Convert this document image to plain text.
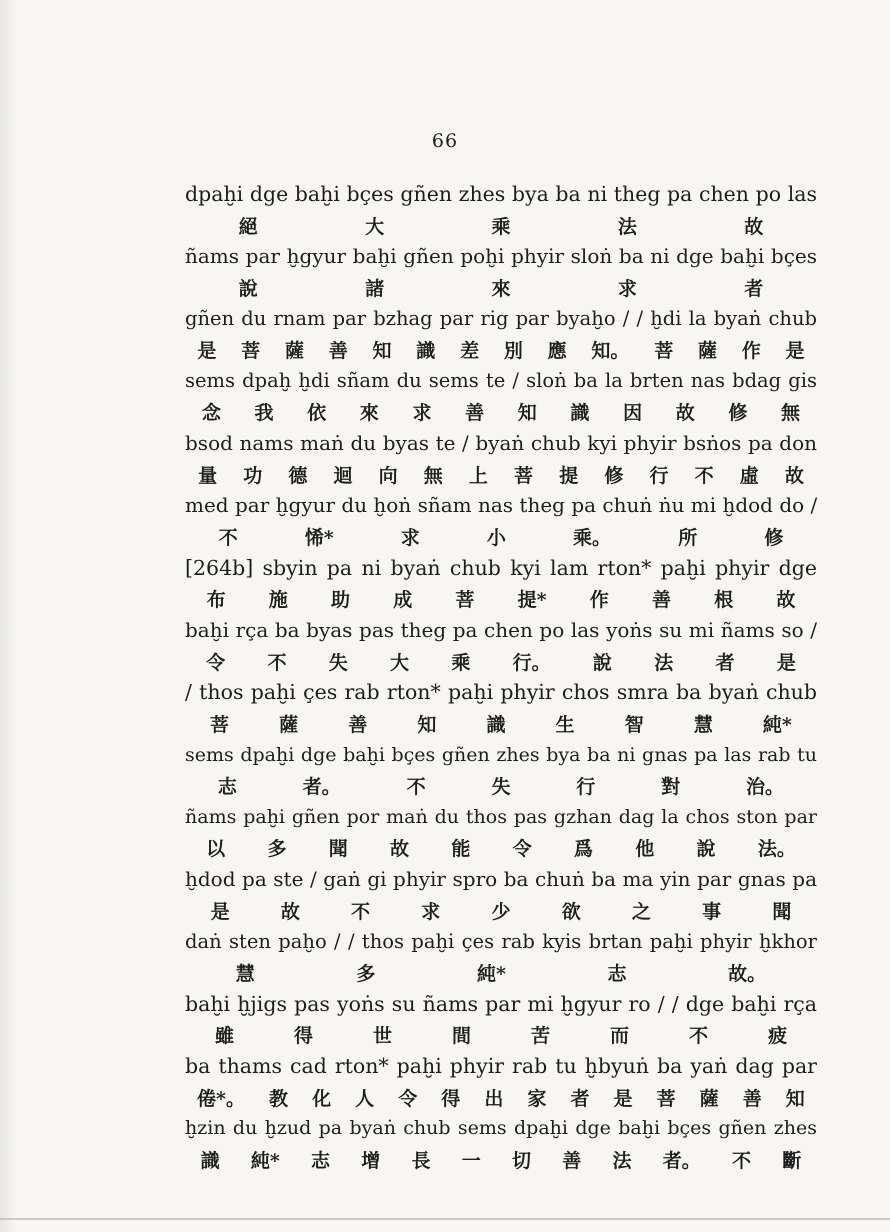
66
dpaḫi dge baḫi bçes gñen zhes bya ba ni theg pa chen po las
絕	大	乘	法	故
ñams par ḫgyur baḫi gñen poḫi phyir sloṅ ba ni dge baḫi bçes
說	諸	來	求	者
gñen du rnam par bzhag par rig par byaḫo / / ḫdi la byaṅ chub
是 菩 薩 善 知 識 差 別 應 知。 菩 薩 作 是
sems dpaḫ ḫdi sñam du sems te / sloṅ ba la brten nas bdag gis
念 我 依 來 求 善 知 識 因 故 修 無
bsod nams maṅ du byas te / byaṅ chub kyi phyir bsṅos pa don
量 功 德 迴 向 無 上 菩 提 修 行 不 虛 故
med par ḫgyur du ḫoṅ sñam nas theg pa chuṅ ṅu mi ḫdod do /
不	悕*	求	小	乘。	所	修
[264b] sbyin pa ni byaṅ chub kyi lam rton* paḫi phyir dge
布 施 助 成 菩 提* 作 善 根 故
baḫi rça ba byas pas theg pa chen po las yoṅs su mi ñams so /
令 不 失 大 乘 行。 說 法 者 是
/ thos paḫi çes rab rton* paḫi phyir chos smra ba byaṅ chub
菩	薩	善	知	識	生	智	慧	純*
sems dpaḫi dge baḫi bçes gñen zhes bya ba ni gnas pa las rab tu
志	者。	不	失	行	對	治。
ñams paḫi gñen por maṅ du thos pas gzhan dag la chos ston par
以 多 聞 故 能 令 爲 他 說 法。
ḫdod pa ste / gaṅ gi phyir spro ba chuṅ ba ma yin par gnas pa
是	故	不	求	少	欲	之	事	聞
daṅ sten paḫo / / thos paḫi çes rab kyis brtan paḫi phyir ḫkhor
慧	多	純*	志	故。
baḫi ḫjigs pas yoṅs su ñams par mi ḫgyur ro / / dge baḫi rça
雖	得	世	間	苦	而	不	疲
ba thams cad rton* paḫi phyir rab tu ḫbyuṅ ba yaṅ dag par
倦*。 教 化 人 令 得 出 家 者 是 菩 薩 善 知
ḫzin du ḫzud pa byaṅ chub sems dpaḫi dge baḫi bçes gñen zhes
識 純* 志 增 長 一 切 善 法 者。 不 斷
